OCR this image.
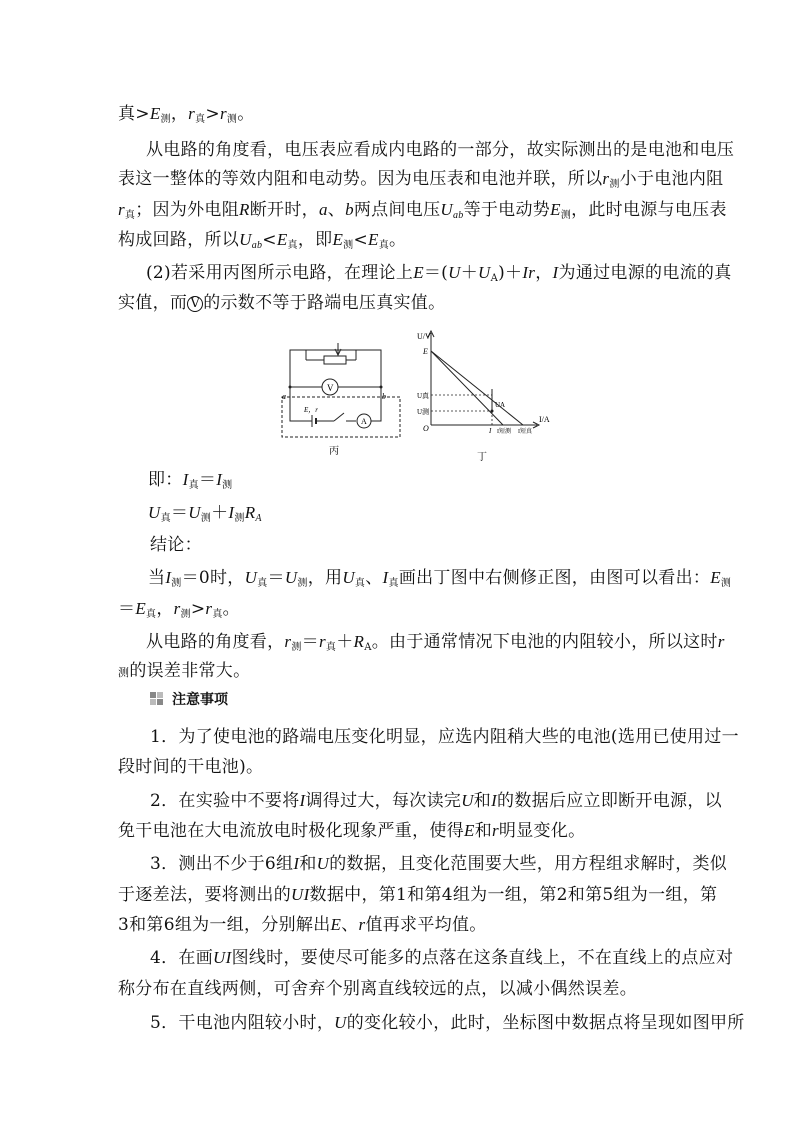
真$>E_测$，$r_真>r_测$。
从电路的角度看，电压表应看成内电路的一部分，故实际测出的是电池和电压
表这一整体的等效内阻和电动势。因为电压表和电池并联，所以$r_测$小于电池内阻
$r_真$；因为外电阻R断开时，a、b两点间电压$U_{ab}$等于电动势$E_测$，此时电源与电压表
构成回路，所以$U_{ab}<E_真$，即$E_测<E_真$。
(2)若采用丙图所示电路，在理论上$E=(U+U_A)+Ir$，I为通过电源的电流的真
实值，而 V 的示数不等于路端电压真实值。
V
A
E，r
a	b
丙
U/V
I/A
O
E
U真
U测
UA
I I短测 I短真
丁
即：$I_真=I_测$
$U_真=U_测+I_测R_A$
结论：
当$I_测=0$时，$U_真=U_测$，用$U_真$、$I_真$画出丁图中右侧修正图，由图可以看出：$E_测$
$=E_真$，$r_测>r_真$。
从电路的角度看，$r_测=r_真+R_A$。由于通常情况下电池的内阻较小，所以这时r
测的误差非常大。
注意事项
1．为了使电池的路端电压变化明显，应选内阻稍大些的电池(选用已使用过一
段时间的干电池)。
2．在实验中不要将I调得过大，每次读完U和I的数据后应立即断开电源，以
免干电池在大电流放电时极化现象严重，使得E和r明显变化。
3．测出不少于6组I和U的数据，且变化范围要大些，用方程组求解时，类似
于逐差法，要将测出的UI数据中，第1和第4组为一组，第2和第5组为一组，第
3和第6组为一组，分别解出E、r值再求平均值。
4．在画UI图线时，要使尽可能多的点落在这条直线上，不在直线上的点应对
称分布在直线两侧，可舍弃个别离直线较远的点，以减小偶然误差。
5．干电池内阻较小时，U的变化较小，此时，坐标图中数据点将呈现如图甲所
